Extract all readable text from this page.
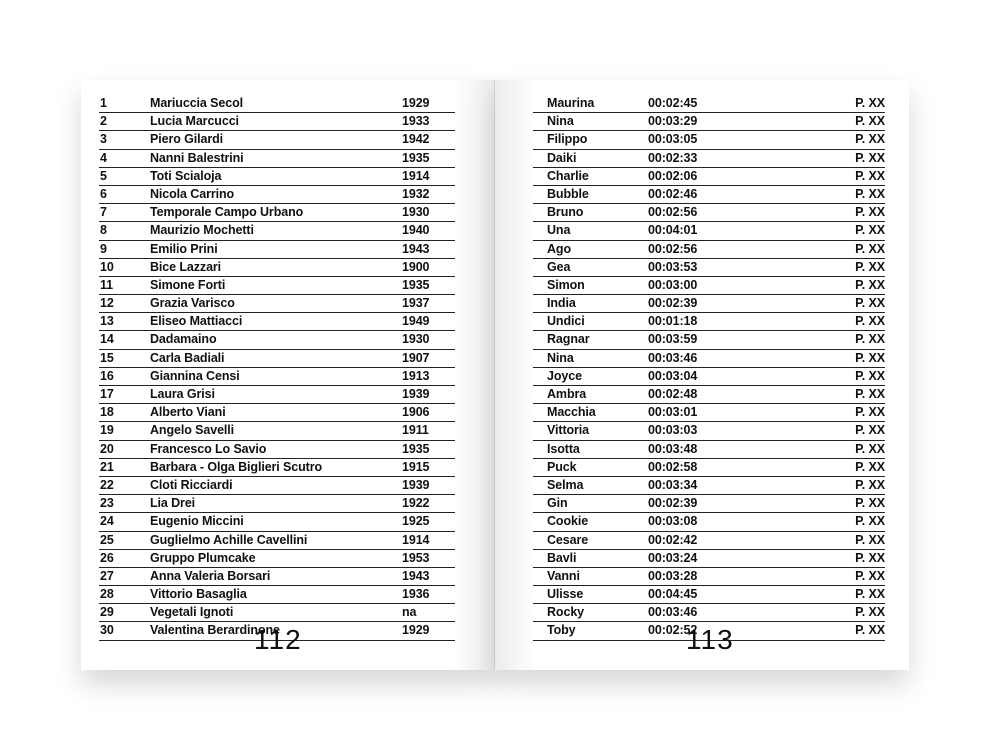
1	Mariuccia Secol	1929
2	Lucia Marcucci	1933
3	Piero Gilardi	1942
4	Nanni Balestrini	1935
5	Toti Scialoja	1914
6	Nicola Carrino	1932
7	Temporale Campo Urbano	1930
8	Maurizio Mochetti	1940
9	Emilio Prini	1943
10	Bice Lazzari	1900
11	Simone Forti	1935
12	Grazia Varisco	1937
13	Eliseo Mattiacci	1949
14	Dadamaino	1930
15	Carla Badiali	1907
16	Giannina Censi	1913
17	Laura Grisi	1939
18	Alberto Viani	1906
19	Angelo Savelli	1911
20	Francesco Lo Savio	1935
21	Barbara - Olga Biglieri Scutro	1915
22	Cloti Ricciardi	1939
23	Lia Drei	1922
24	Eugenio Miccini	1925
25	Guglielmo Achille Cavellini	1914
26	Gruppo Plumcake	1953
27	Anna Valeria Borsari	1943
28	Vittorio Basaglia	1936
29	Vegetali Ignoti	na
30	Valentina Berardinone	1929
112
Maurina	00:02:45	P. XX
Nina	00:03:29	P. XX
Filippo	00:03:05	P. XX
Daiki	00:02:33	P. XX
Charlie	00:02:06	P. XX
Bubble	00:02:46	P. XX
Bruno	00:02:56	P. XX
Una	00:04:01	P. XX
Ago	00:02:56	P. XX
Gea	00:03:53	P. XX
Simon	00:03:00	P. XX
India	00:02:39	P. XX
Undici	00:01:18	P. XX
Ragnar	00:03:59	P. XX
Nina	00:03:46	P. XX
Joyce	00:03:04	P. XX
Ambra	00:02:48	P. XX
Macchia	00:03:01	P. XX
Vittoria	00:03:03	P. XX
Isotta	00:03:48	P. XX
Puck	00:02:58	P. XX
Selma	00:03:34	P. XX
Gin	00:02:39	P. XX
Cookie	00:03:08	P. XX
Cesare	00:02:42	P. XX
Bavli	00:03:24	P. XX
Vanni	00:03:28	P. XX
Ulisse	00:04:45	P. XX
Rocky	00:03:46	P. XX
Toby	00:02:52	P. XX
113
